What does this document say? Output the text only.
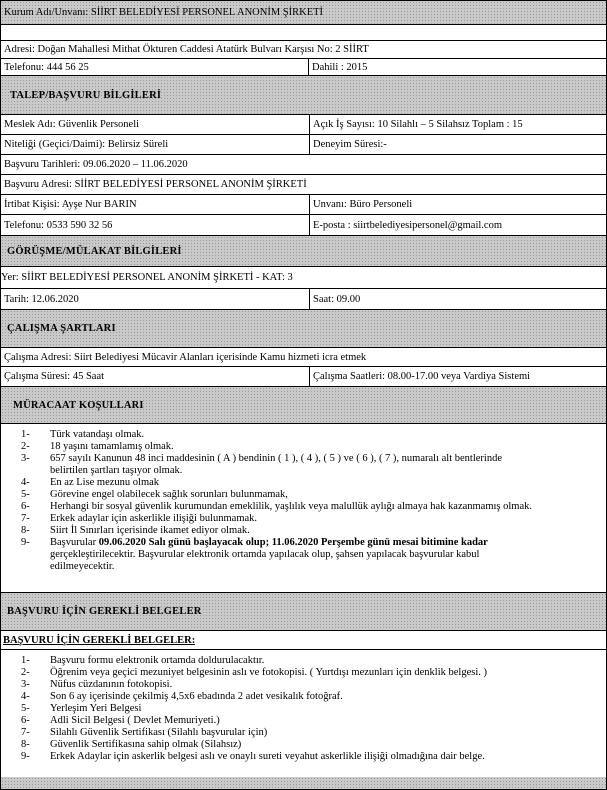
Kurum Adı/Unvanı: SİİRT BELEDİYESİ PERSONEL ANONİM ŞİRKETİ
Adresi: Doğan Mahallesi Mithat Ökturen Caddesi Atatürk Bulvarı Karşısı No: 2 SİİRT
Telefonu: 444 56 25	Dahili : 2015
TALEP/BAŞVURU BİLGİLERİ
Meslek Adı: Güvenlik Personeli	Açık İş Sayısı: 10 Silahlı – 5 Silahsız Toplam : 15
Niteliği (Geçici/Daimi): Belirsiz Süreli	Deneyim Süresi:-
Başvuru Tarihleri: 09.06.2020 – 11.06.2020
Başvuru Adresi: SİİRT BELEDİYESİ PERSONEL ANONİM ŞİRKETİ
İrtibat Kişisi: Ayşe Nur BARIN	Unvanı: Büro Personeli
Telefonu: 0533 590 32 56	E-posta : siirtbelediyesipersonel@gmail.com
GÖRÜŞME/MÜLAKAT BİLGİLERİ
Yer: SİİRT BELEDİYESİ PERSONEL ANONİM ŞİRKETİ - KAT: 3
Tarih: 12.06.2020	Saat: 09.00
ÇALIŞMA ŞARTLARI
Çalışma Adresi: Siirt Belediyesi Mücavir Alanları içerisinde Kamu hizmeti icra etmek
Çalışma Süresi: 45 Saat	Çalışma Saatleri: 08.00-17.00 veya Vardiya Sistemi
MÜRACAAT KOŞULLARI
1-	Türk vatandaşı olmak.
2-	18 yaşını tamamlamış olmak.
3-	657 sayılı Kanunun 48 inci maddesinin ( A ) bendinin ( 1 ), ( 4 ), ( 5 ) ve ( 6 ), ( 7 ), numaralı alt bentlerinde
belirtilen şartları taşıyor olmak.
4-	En az Lise mezunu olmak
5-	Görevine engel olabilecek sağlık sorunları bulunmamak,
6-	Herhangi bir sosyal güvenlik kurumundan emeklilik, yaşlılık veya malullük aylığı almaya hak kazanmamış olmak.
7-	Erkek adaylar için askerlikle ilişiği bulunmamak.
8-	Siirt İl Sınırları içerisinde ikamet ediyor olmak.
9-	Başvurular 09.06.2020 Salı günü başlayacak olup; 11.06.2020 Perşembe günü mesai bitimine kadar
gerçekleştirilecektir. Başvurular elektronik ortamda yapılacak olup, şahsen yapılacak başvurular kabul
edilmeyecektir.
BAŞVURU İÇİN GEREKLİ BELGELER
BAŞVURU İÇİN GEREKLİ BELGELER:
1-	Başvuru formu elektronik ortamda doldurulacaktır.
2-	Öğrenim veya geçici mezuniyet belgesinin aslı ve fotokopisi. ( Yurtdışı mezunları için denklik belgesi. )
3-	Nüfus cüzdanının fotokopisi.
4-	Son 6 ay içerisinde çekilmiş 4,5x6 ebadında 2 adet vesikalık fotoğraf.
5-	Yerleşim Yeri Belgesi
6-	Adli Sicil Belgesi ( Devlet Memuriyeti.)
7-	Silahlı Güvenlik Sertifikası (Silahlı başvurular için)
8-	Güvenlik Sertifikasına sahip olmak (Silahsız)
9-	Erkek Adaylar için askerlik belgesi aslı ve onaylı sureti veyahut askerlikle ilişiği olmadığına dair belge.
